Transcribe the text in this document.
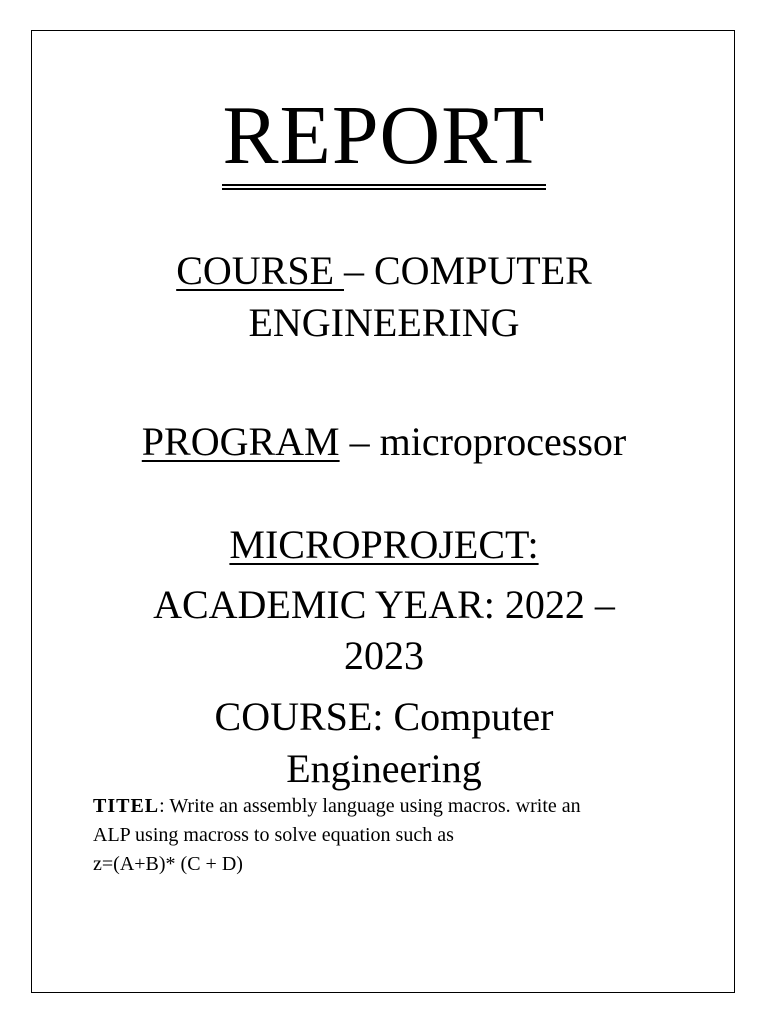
REPORT
COURSE – COMPUTER
ENGINEERING
PROGRAM – microprocessor
MICROPROJECT:
ACADEMIC YEAR: 2022 –
2023
COURSE: Computer
Engineering
TITEL: Write an assembly language using macros. write an
ALP using macross to solve equation such as
z=(A+B)* (C + D)
